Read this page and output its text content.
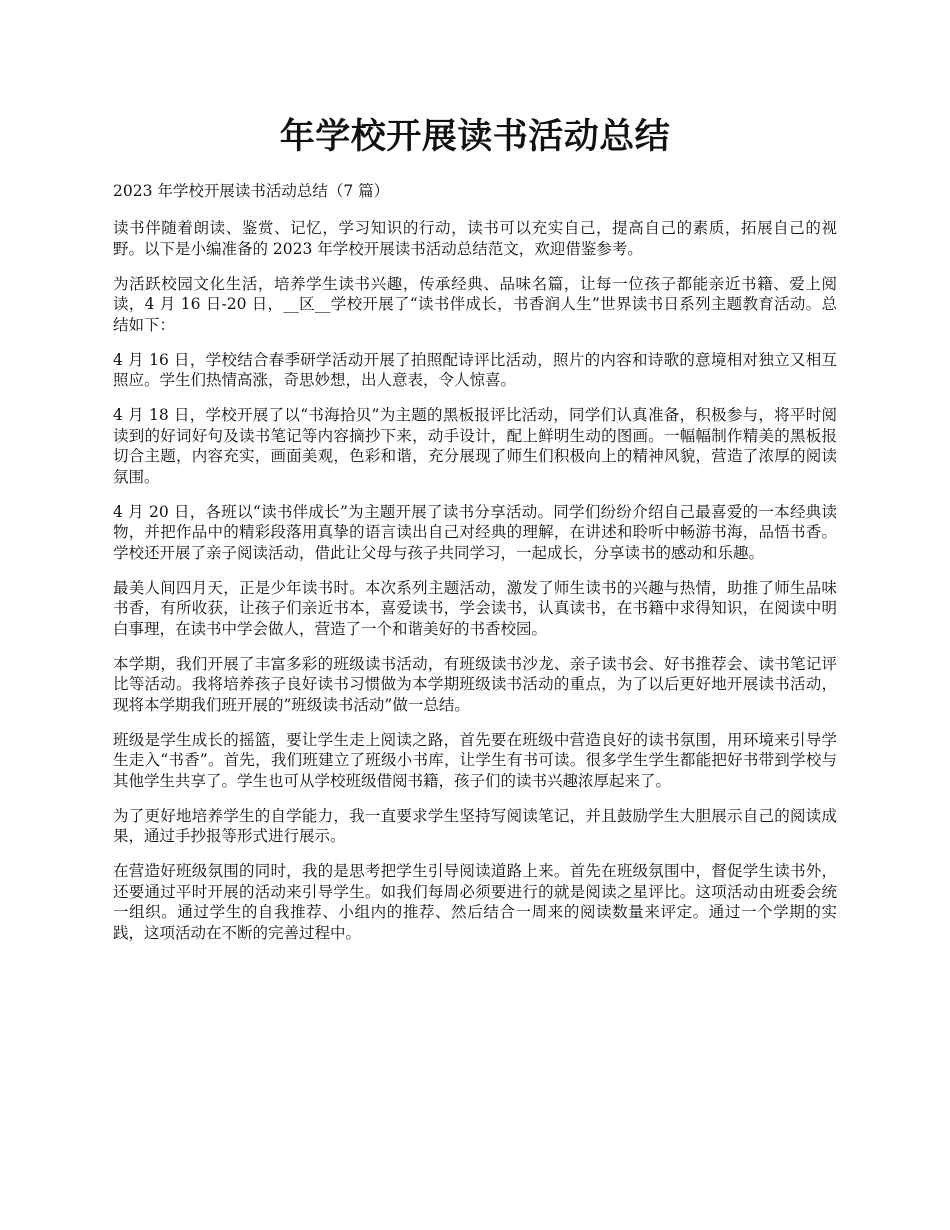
年学校开展读书活动总结
2023 年学校开展读书活动总结（7 篇）

读书伴随着朗读、鉴赏、记忆，学习知识的行动，读书可以充实自己，提高自己的素质，拓展自己的视野。以下是小编准备的 2023 年学校开展读书活动总结范文，欢迎借鉴参考。

为活跃校园文化生活，培养学生读书兴趣，传承经典、品味名篇，让每一位孩子都能亲近书籍、爱上阅读，4 月 16 日-20 日，__区__学校开展了“读书伴成长，书香润人生”世界读书日系列主题教育活动。总结如下：

4 月 16 日，学校结合春季研学活动开展了拍照配诗评比活动，照片的内容和诗歌的意境相对独立又相互照应。学生们热情高涨，奇思妙想，出人意表，令人惊喜。

4 月 18 日，学校开展了以“书海拾贝”为主题的黑板报评比活动，同学们认真准备，积极参与，将平时阅读到的好词好句及读书笔记等内容摘抄下来，动手设计，配上鲜明生动的图画。一幅幅制作精美的黑板报切合主题，内容充实，画面美观，色彩和谐，充分展现了师生们积极向上的精神风貌，营造了浓厚的阅读氛围。

4 月 20 日，各班以“读书伴成长”为主题开展了读书分享活动。同学们纷纷介绍自己最喜爱的一本经典读物，并把作品中的精彩段落用真挚的语言读出自己对经典的理解，在讲述和聆听中畅游书海，品悟书香。学校还开展了亲子阅读活动，借此让父母与孩子共同学习，一起成长，分享读书的感动和乐趣。

最美人间四月天，正是少年读书时。本次系列主题活动，激发了师生读书的兴趣与热情，助推了师生品味书香，有所收获，让孩子们亲近书本，喜爱读书，学会读书，认真读书，在书籍中求得知识，在阅读中明白事理，在读书中学会做人，营造了一个和谐美好的书香校园。

本学期，我们开展了丰富多彩的班级读书活动，有班级读书沙龙、亲子读书会、好书推荐会、读书笔记评比等活动。我将培养孩子良好读书习惯做为本学期班级读书活动的重点，为了以后更好地开展读书活动，现将本学期我们班开展的”班级读书活动”做一总结。

班级是学生成长的摇篮，要让学生走上阅读之路，首先要在班级中营造良好的读书氛围，用环境来引导学生走入“书香”。首先，我们班建立了班级小书库，让学生有书可读。很多学生学生都能把好书带到学校与其他学生共享了。学生也可从学校班级借阅书籍，孩子们的读书兴趣浓厚起来了。

为了更好地培养学生的自学能力，我一直要求学生坚持写阅读笔记，并且鼓励学生大胆展示自己的阅读成果，通过手抄报等形式进行展示。

在营造好班级氛围的同时，我的是思考把学生引导阅读道路上来。首先在班级氛围中，督促学生读书外，还要通过平时开展的活动来引导学生。如我们每周必须要进行的就是阅读之星评比。这项活动由班委会统一组织。通过学生的自我推荐、小组内的推荐、然后结合一周来的阅读数量来评定。通过一个学期的实践，这项活动在不断的完善过程中。
